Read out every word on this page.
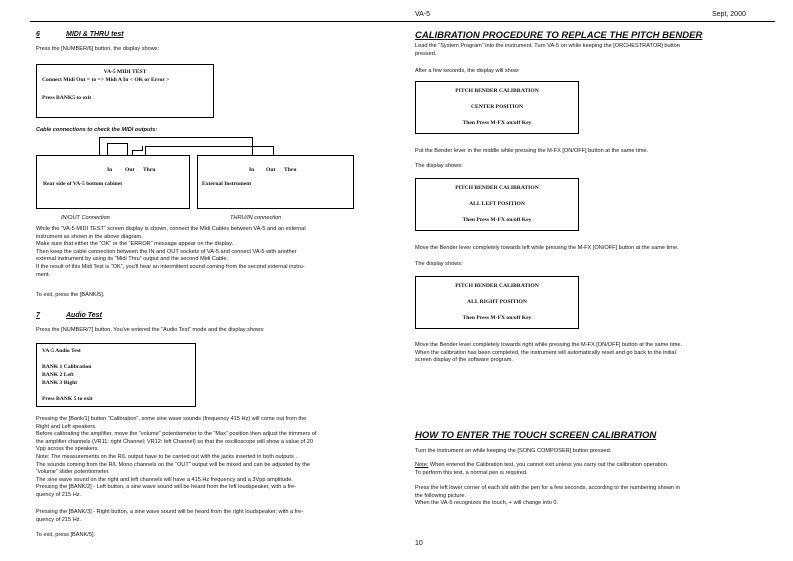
VA-5	Sept, 2000
6	MIDI & THRU test
Press the [NUMBER/6] button, the display shows:
VA-5 MIDI TEST
Connect Midi Out = to => Midi A In < OK or Error >
Press BANK5 to exit
Cable connections to check the MIDI outputs:
In Out Thru
Rear side of VA-5 bottom cabinet
In Out Thru
External Instrument
IN/OUT Connection	THRU/IN connection
While the “VA-5 MIDI TEST” screen display is shown, connect the Midi Cables between VA-5 and an external
instrument as shown in the above diagram.
Make sure that either the “OK” or the “ERROR” message appear on the display.
Then keep the cable connection between the IN and OUT sockets of VA-5 and connect VA-5 with another
external instrument by using its “Midi Thru” output and the second Midi Cable.
If the result of this Midi Test is “OK”, you'll hear an intermittent sound coming from the second external instru-
ment.
To exit, press the [BANK/5].
7	Audio Test
Press the [NUMBER/7] button. You've entered the “Audio Test” mode and the display shows:
VA-5 Audio Test
BANK 1 Calibration
BANK 2 Left
BANK 3 Right
Press BANK 5 to exit
Pressing the [Bank/1] button “Calibration”, some sine wave sounds (frequency 415 Hz) will come out from the
Right and Left speakers.
Before calibrating the amplifier, move the “volume” potentiometer to the “Max” position then adjust the trimmers of
the amplifier channels (VR11: right Channel; VR12: left Channel) so that the oscilloscope will show a value of 20
Vpp across the speakers.
Note: The measurements on the R/L output have to be carried out with the jacks inserted in both outputs .
The sounds coming from the R/L Mono channels on the “OUT” output will be mixed and can be adjusted by the
“volume” slider potentiometer.
The sine wave sound on the right and left channels will have a 415 Hz frequency and a 3Vpp amplitude.
Pressing the [BANK/2] - Left button, a sine wave sound will be heard from the left loudspeaker, with a fre-
quency of 215 Hz.
Pressing the [BANK/3] - Right button, a sine wave sound will be heard from the right loudspeaker, with a fre-
quency of 215 Hz.
To exit, press [BANK/5].
CALIBRATION PROCEDURE TO REPLACE THE PITCH BENDER
Load the “System Program” into the instrument. Turn VA-5 on while keeping the [ORCHESTRATOR] button
pressed.
After a few seconds, the display will show:
PITCH BENDER CALIBRATION
CENTER POSITION
Then Press M-FX on/off Key
Put the Bender lever in the middle while pressing the M-FX [ON/OFF] button at the same time.
The display shows:
PITCH BENDER CALIBRATION
ALL LEFT POSITION
Then Press M-FX on/off Key
Move the Bender lever completely towards left while pressing the M-FX [ON/OFF] button at the same time.
The display shows:
PITCH BENDER CALIBRATION
ALL RIGHT POSITION
Then Press M-FX on/off Key
Move the Bender lever completely towards right while pressing the M-FX [ON/OFF] button at the same time.
When the calibration has been completed, the instrument will automatically reset and go back to the initial
screen display of the software program.
HOW TO ENTER THE TOUCH SCREEN CALIBRATION
Turn the instrument on while keeping the [SONG COMPOSER] button pressed.
Note: When entered the Calibration test, you cannot exit unless you carry out the calibration operation.
To perform this test, a normal pen is required.
Press the left lower corner of each slit with the pen for a few seconds, according to the numbering shown in
the following picture.
When the VA-5 recognizes the touch, + will change into 0.
10
